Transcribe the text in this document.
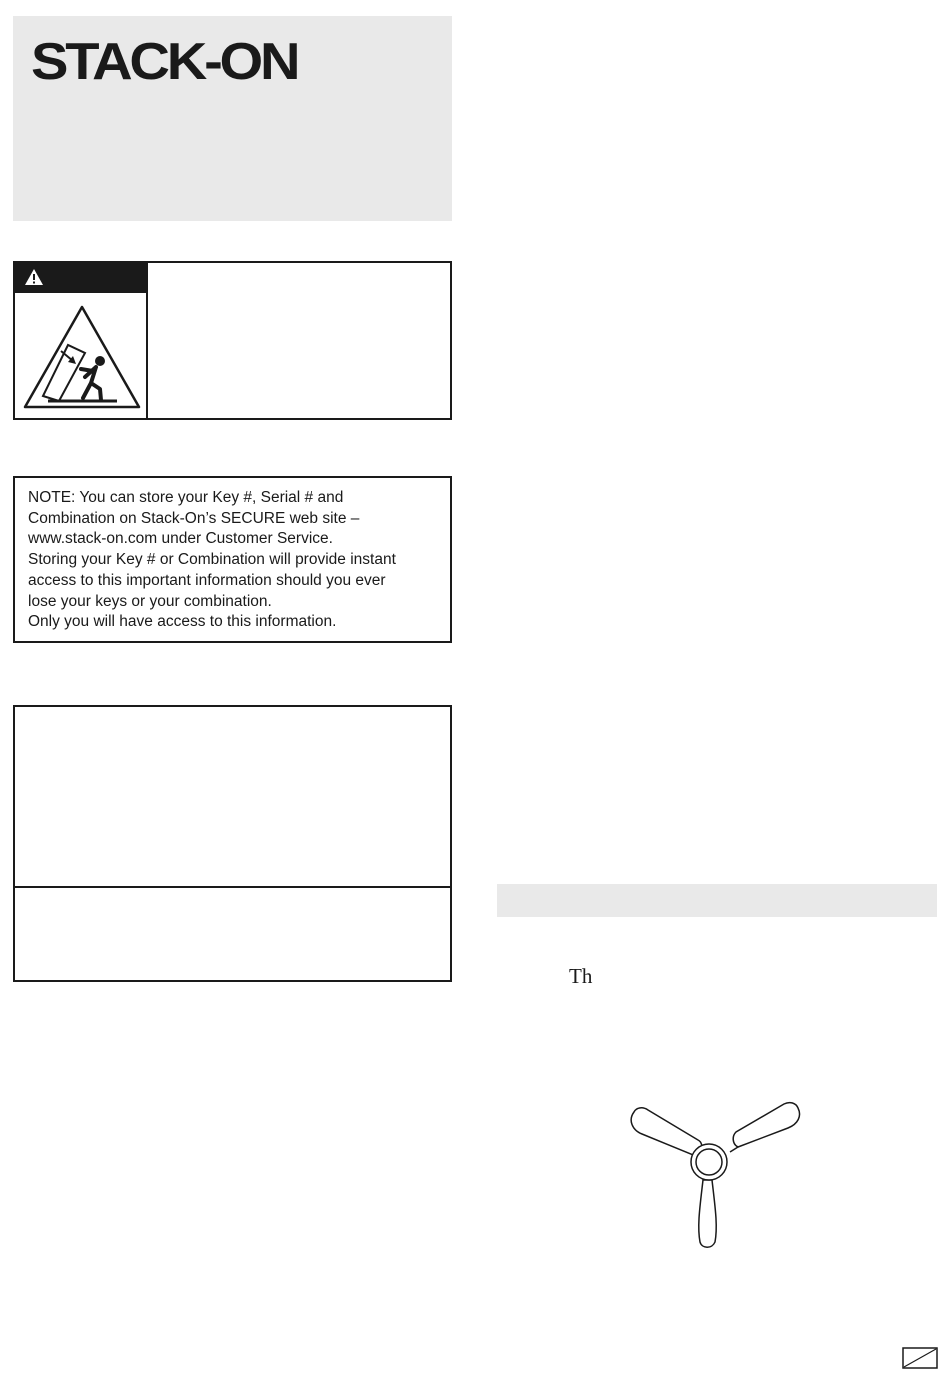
STACK-ON
NOTE: You can store your Key #, Serial # and
Combination on Stack-On’s SECURE web site –
www.stack-on.com under Customer Service.
Storing your Key # or Combination will provide instant
access to this important information should you ever
lose your keys or your combination.
Only you will have access to this information.

Th
